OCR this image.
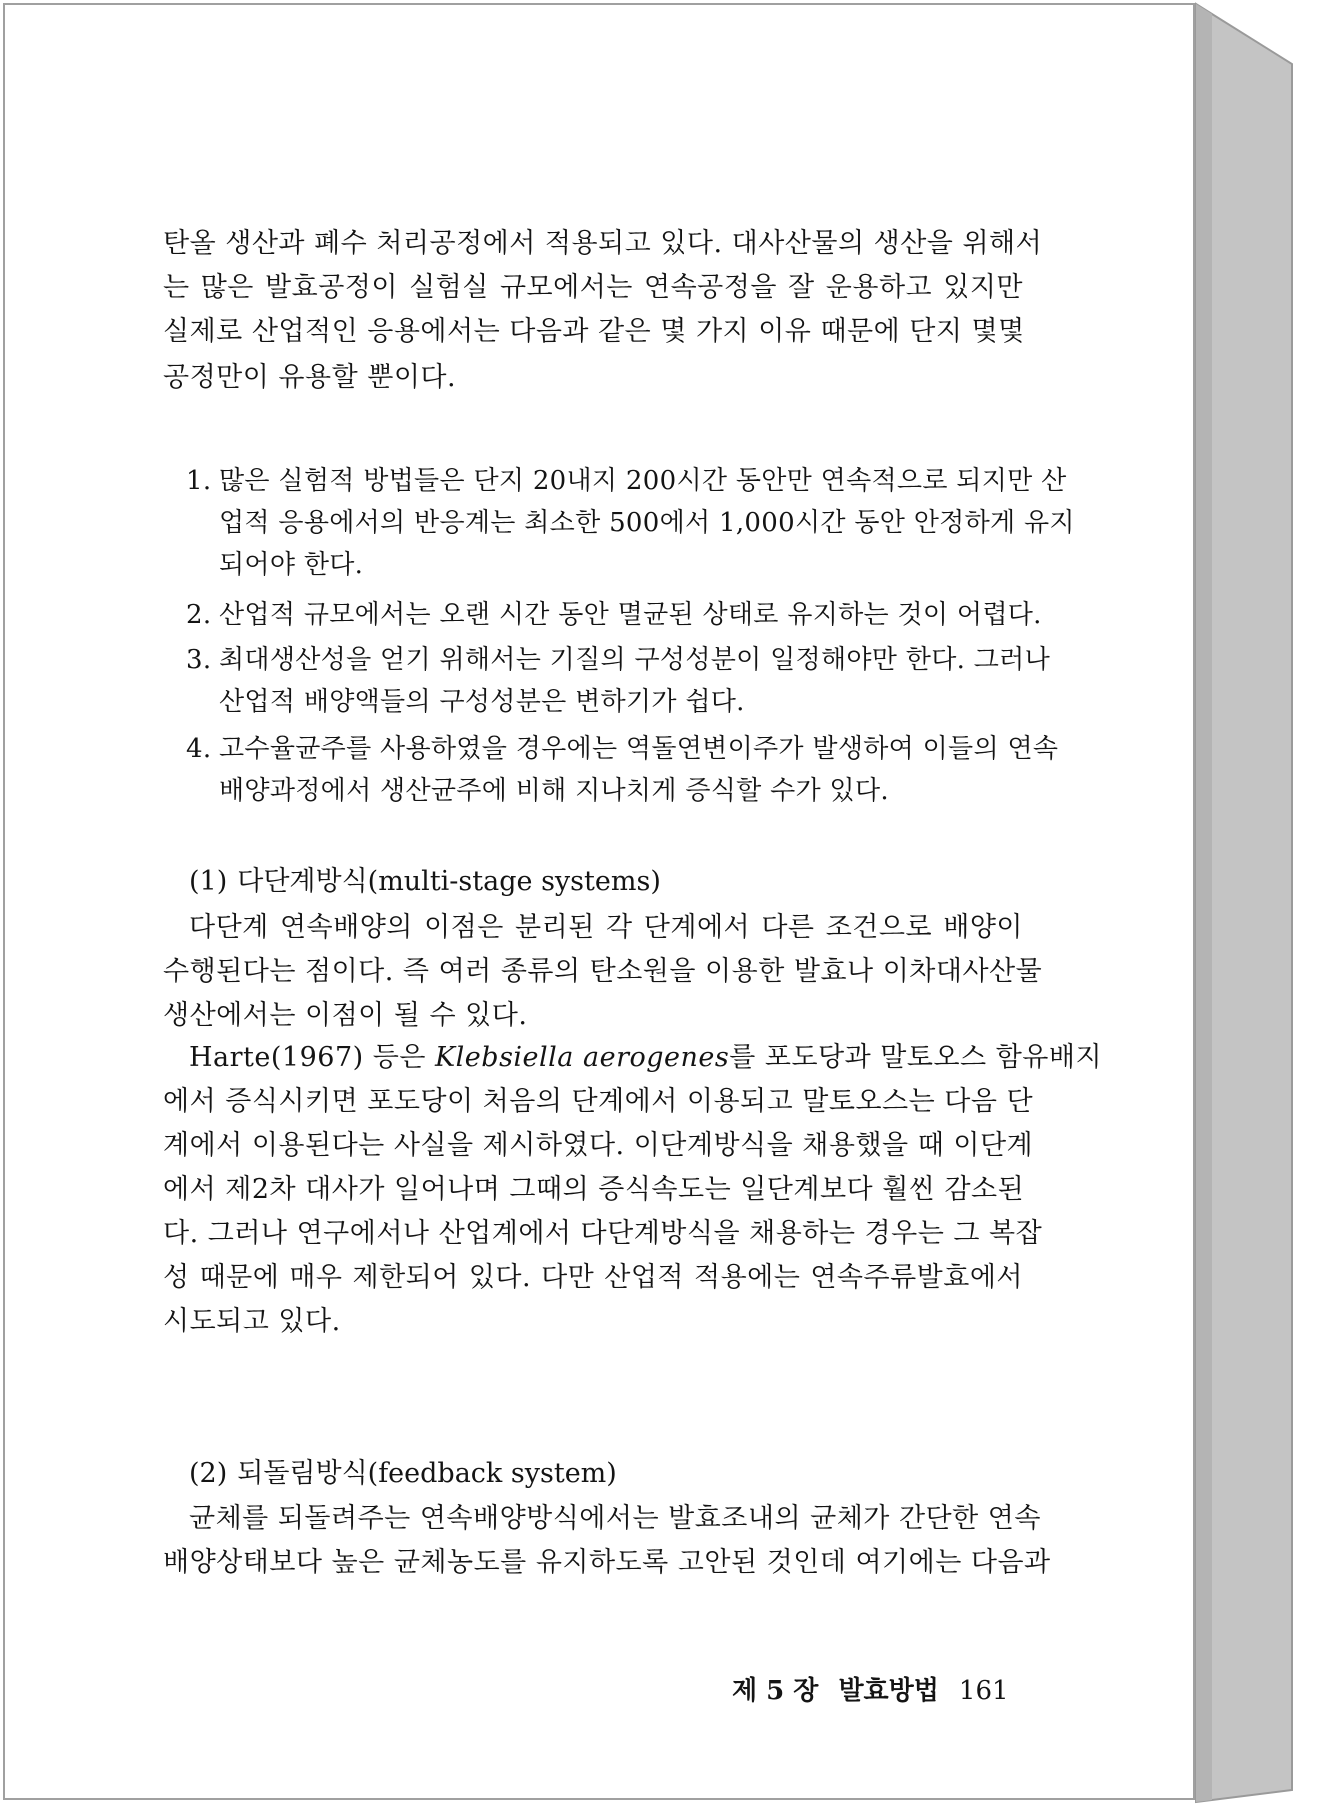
탄올 생산과 폐수 처리공정에서 적용되고 있다. 대사산물의 생산을 위해서
는 많은 발효공정이 실험실 규모에서는 연속공정을 잘 운용하고 있지만
실제로 산업적인 응용에서는 다음과 같은 몇 가지 이유 때문에 단지 몇몇
공정만이 유용할 뿐이다.
1. 많은 실험적 방법들은 단지 20내지 200시간 동안만 연속적으로 되지만 산
업적 응용에서의 반응계는 최소한 500에서 1,000시간 동안 안정하게 유지
되어야 한다.
2. 산업적 규모에서는 오랜 시간 동안 멸균된 상태로 유지하는 것이 어렵다.
3. 최대생산성을 얻기 위해서는 기질의 구성성분이 일정해야만 한다. 그러나
산업적 배양액들의 구성성분은 변하기가 쉽다.
4. 고수율균주를 사용하였을 경우에는 역돌연변이주가 발생하여 이들의 연속
배양과정에서 생산균주에 비해 지나치게 증식할 수가 있다.
(1) 다단계방식(multi-stage systems)
다단계 연속배양의 이점은 분리된 각 단계에서 다른 조건으로 배양이
수행된다는 점이다. 즉 여러 종류의 탄소원을 이용한 발효나 이차대사산물
생산에서는 이점이 될 수 있다.
Harte(1967) 등은 Klebsiella aerogenes를 포도당과 말토오스 함유배지
에서 증식시키면 포도당이 처음의 단계에서 이용되고 말토오스는 다음 단
계에서 이용된다는 사실을 제시하였다. 이단계방식을 채용했을 때 이단계
에서 제2차 대사가 일어나며 그때의 증식속도는 일단계보다 훨씬 감소된
다. 그러나 연구에서나 산업계에서 다단계방식을 채용하는 경우는 그 복잡
성 때문에 매우 제한되어 있다. 다만 산업적 적용에는 연속주류발효에서
시도되고 있다.
(2) 되돌림방식(feedback system)
균체를 되돌려주는 연속배양방식에서는 발효조내의 균체가 간단한 연속
배양상태보다 높은 균체농도를 유지하도록 고안된 것인데 여기에는 다음과
제 5 장 발효방법 161
